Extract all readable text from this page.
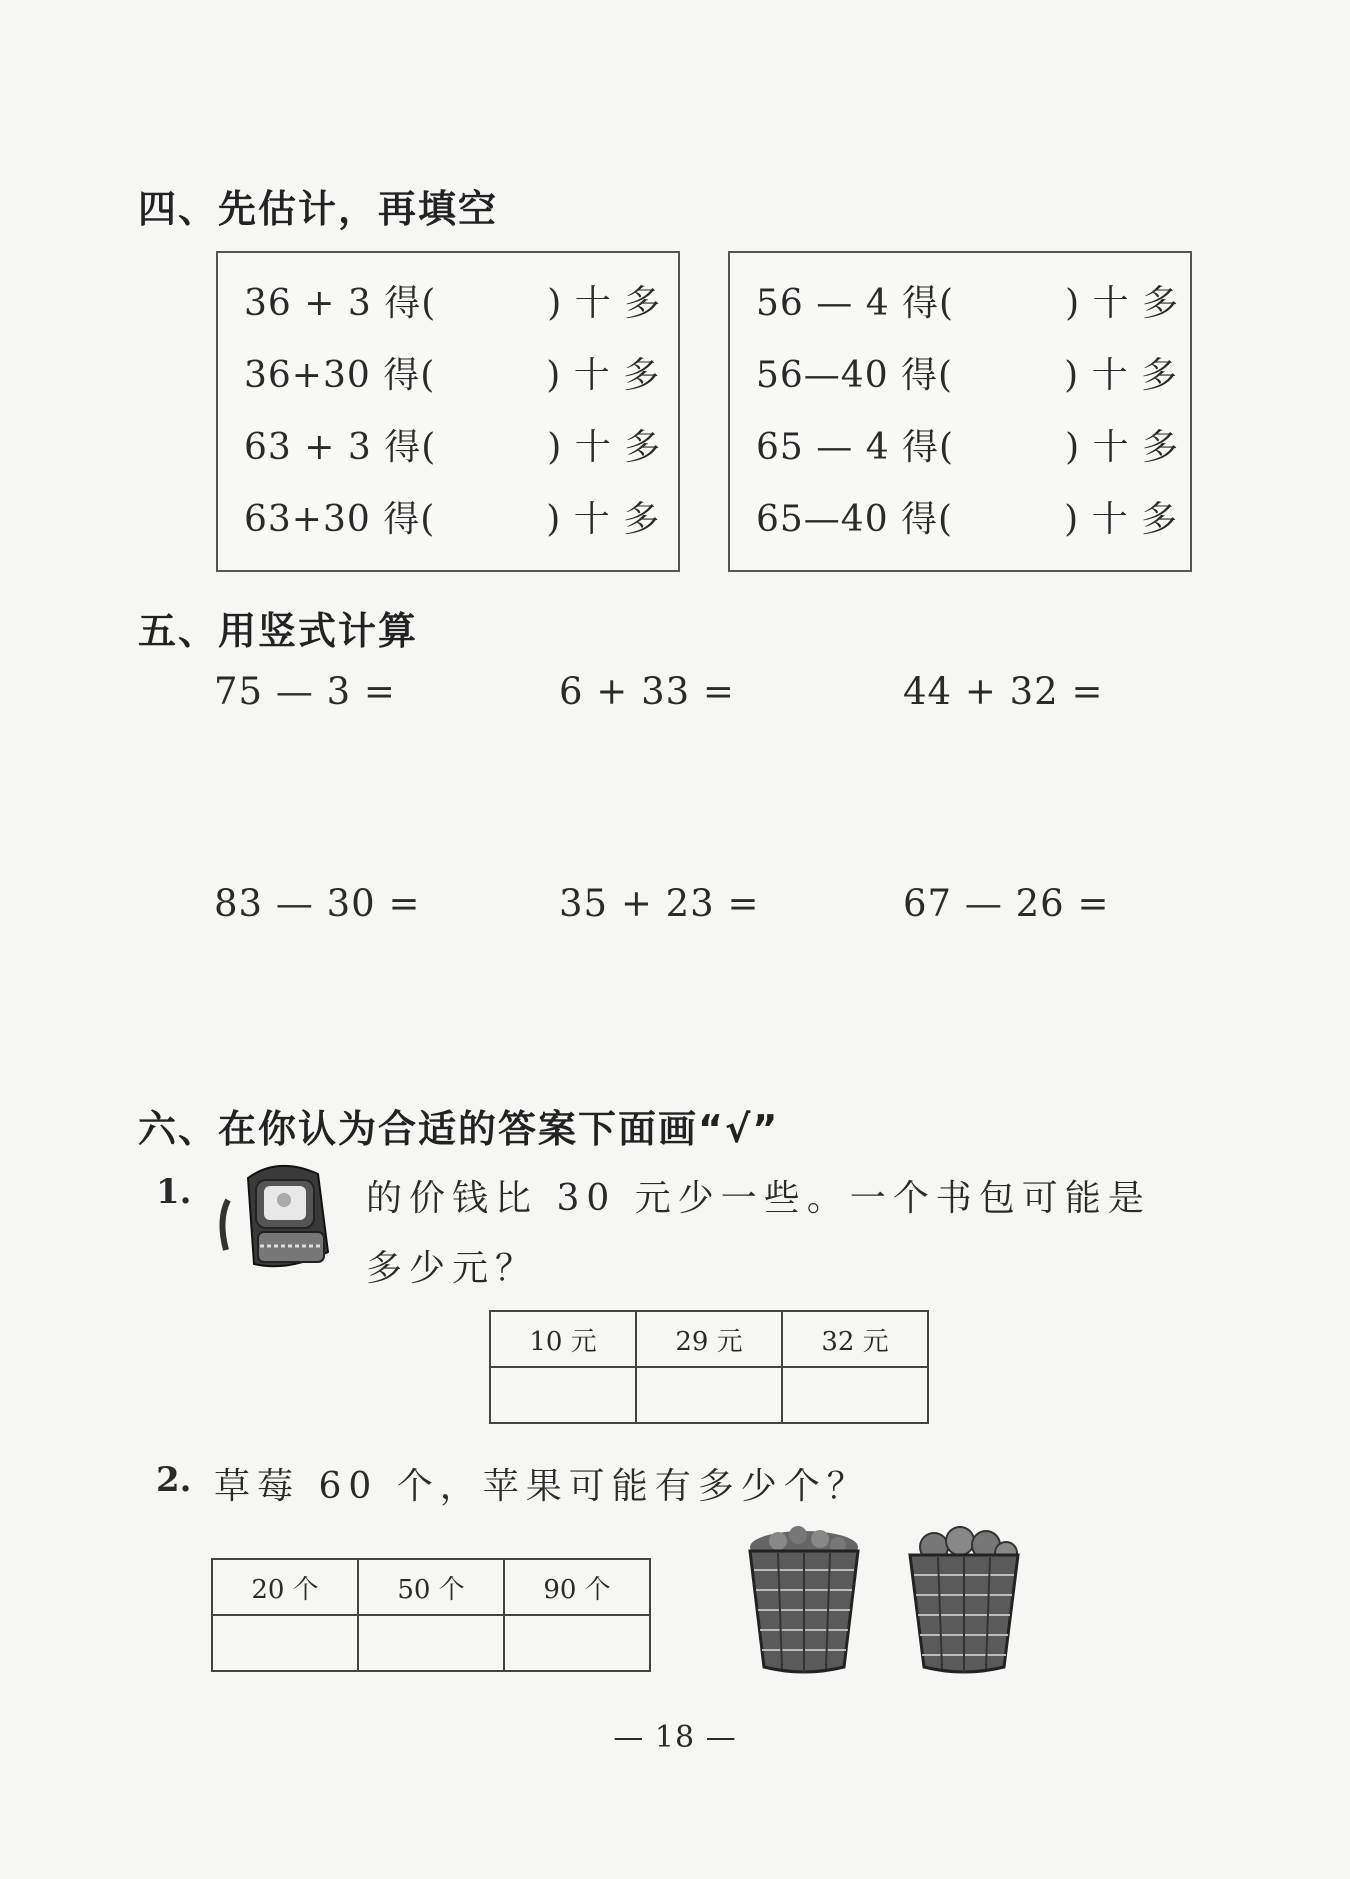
四、先估计，再填空
36 + 3 得(　　　) 十 多
36+30 得(　　　) 十 多
63 + 3 得(　　　) 十 多
63+30 得(　　　) 十 多
56 — 4 得(　　　) 十 多
56—40 得(　　　) 十 多
65 — 4 得(　　　) 十 多
65—40 得(　　　) 十 多
五、用竖式计算
75 — 3 =	6 + 33 =	44 + 32 =
83 — 30 =	35 + 23 =	67 — 26 =
六、在你认为合适的答案下面画“√”
1.	的价钱比 30 元少一些。一个书包可能是
多少元？
10 元	29 元	32 元

2. 草莓 60 个，苹果可能有多少个？
20 个	50 个	90 个

— 18 —
